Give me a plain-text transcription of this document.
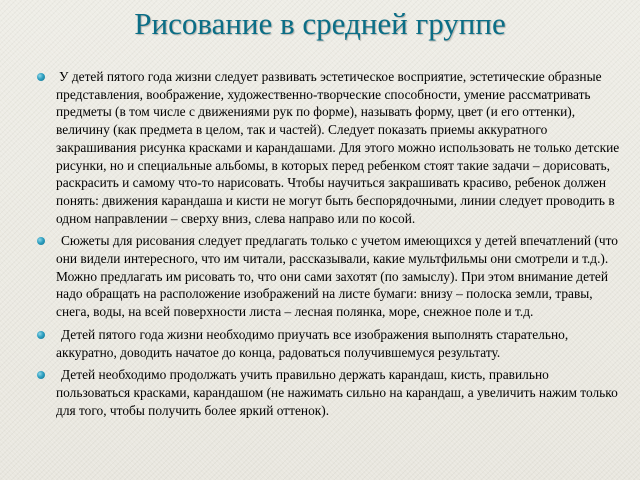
Рисование в средней группе
У детей пятого года жизни следует развивать эстетическое восприятие, эстетические образные представления, воображение, художественно-творческие способности, умение рассматривать предметы (в том числе с движениями рук по форме), называть форму, цвет (и его оттенки), величину (как предмета в целом, так и частей). Следует показать приемы аккуратного закрашивания рисунка красками и карандашами. Для этого можно использовать не только детские рисунки, но и специальные альбомы, в которых перед ребенком стоят такие задачи – дорисовать, раскрасить и самому что-то нарисовать. Чтобы научиться закрашивать красиво, ребенок должен понять: движения карандаша и кисти не могут быть беспорядочными, линии следует проводить в одном направлении – сверху вниз, слева направо или по косой.
Сюжеты для рисования следует предлагать только с учетом имеющихся у детей впечатлений (что они видели интересного, что им читали, рассказывали, какие мультфильмы они смотрели и т.д.). Можно предлагать им рисовать то, что они сами захотят (по замыслу). При этом внимание детей надо обращать на расположение изображений на листе бумаги: внизу – полоска земли, травы, снега, воды, на всей поверхности листа – лесная полянка, море, снежное поле и т.д.
Детей пятого года жизни необходимо приучать все изображения выполнять старательно, аккуратно, доводить начатое до конца, радоваться получившемуся результату.
Детей необходимо продолжать учить правильно держать карандаш, кисть, правильно пользоваться красками, карандашом (не нажимать сильно на карандаш, а увеличить нажим только для того, чтобы получить более яркий оттенок).
